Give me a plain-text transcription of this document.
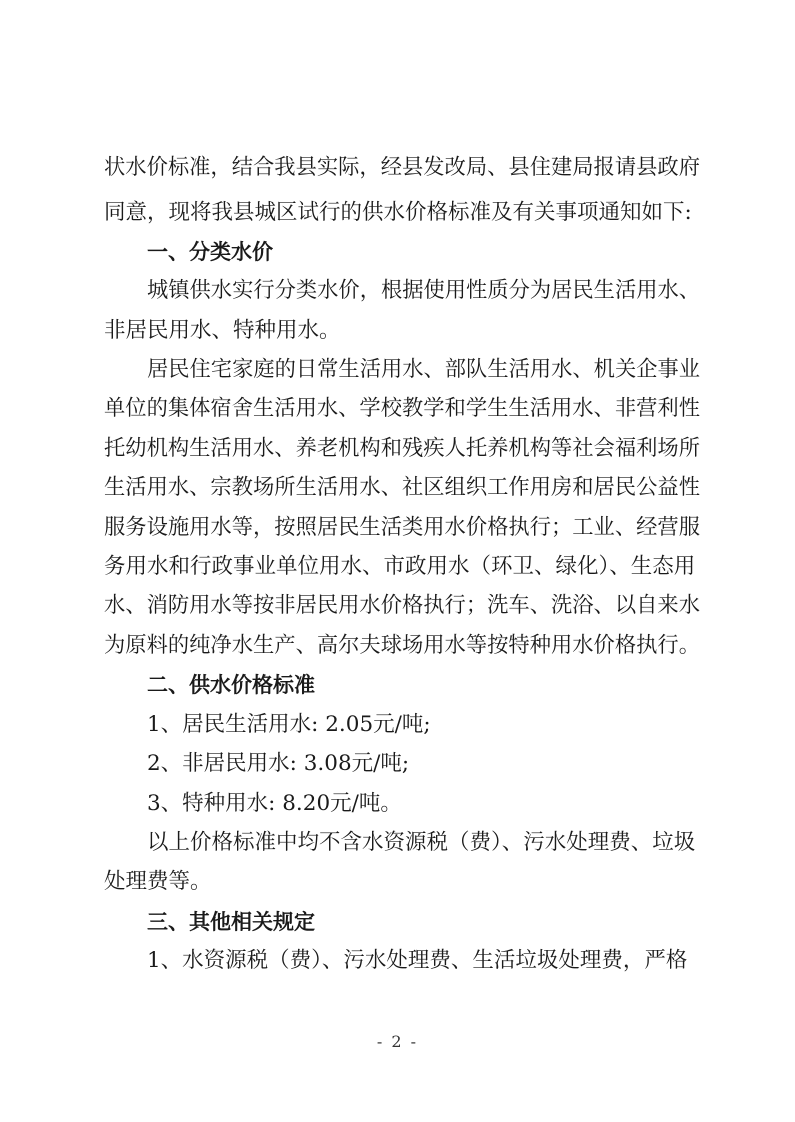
状水价标准，结合我县实际，经县发改局、县住建局报请县政府
同意，现将我县城区试行的供水价格标准及有关事项通知如下:
一、分类水价
城镇供水实行分类水价，根据使用性质分为居民生活用水、
非居民用水、特种用水。
居民住宅家庭的日常生活用水、部队生活用水、机关企事业
单位的集体宿舍生活用水、学校教学和学生生活用水、非营利性
托幼机构生活用水、养老机构和残疾人托养机构等社会福利场所
生活用水、宗教场所生活用水、社区组织工作用房和居民公益性
服务设施用水等，按照居民生活类用水价格执行；工业、经营服
务用水和行政事业单位用水、市政用水（环卫、绿化）、生态用
水、消防用水等按非居民用水价格执行；洗车、洗浴、以自来水
为原料的纯净水生产、高尔夫球场用水等按特种用水价格执行。
二、供水价格标准
1、居民生活用水: 2.05元/吨;
2、非居民用水: 3.08元/吨;
3、特种用水: 8.20元/吨。
以上价格标准中均不含水资源税（费）、污水处理费、垃圾
处理费等。
三、其他相关规定
1、水资源税（费）、污水处理费、生活垃圾处理费，严格
- 2 -
